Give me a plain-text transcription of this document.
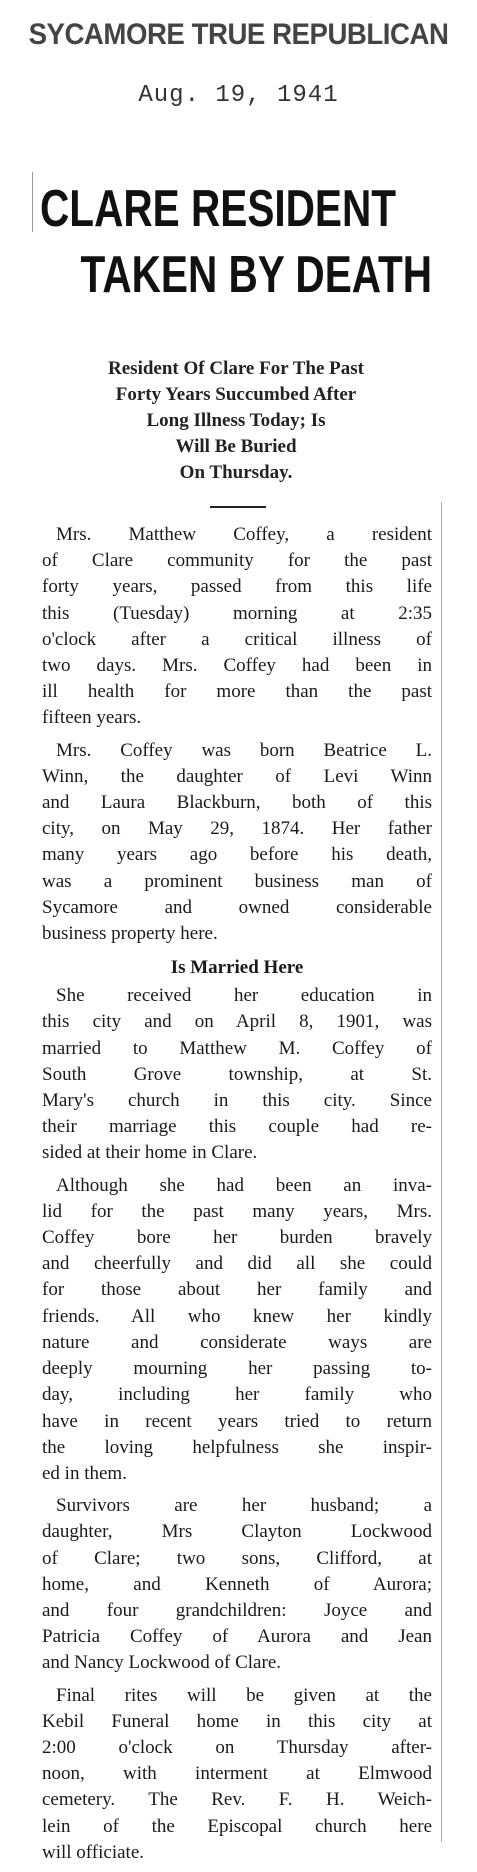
SYCAMORE TRUE REPUBLICAN
Aug. 19, 1941
CLARE RESIDENT
TAKEN BY DEATH
Resident Of Clare For The Past
Forty Years Succumbed After
Long Illness Today; Is
Will Be Buried
On Thursday.

Mrs. Matthew Coffey, a resident
of Clare community for the past
forty years, passed from this life
this (Tuesday) morning at 2:35
o'clock after a critical illness of
two days. Mrs. Coffey had been in
ill health for more than the past
fifteen years.

Mrs. Coffey was born Beatrice L.
Winn, the daughter of Levi Winn
and Laura Blackburn, both of this
city, on May 29, 1874. Her father
many years ago before his death,
was a prominent business man of
Sycamore and owned considerable
business property here.

Is Married Here

She received her education in
this city and on April 8, 1901, was
married to Matthew M. Coffey of
South Grove township, at St.
Mary's church in this city. Since
their marriage this couple had re-
sided at their home in Clare.

Although she had been an inva-
lid for the past many years, Mrs.
Coffey bore her burden bravely
and cheerfully and did all she could
for those about her family and
friends. All who knew her kindly
nature and considerate ways are
deeply mourning her passing to-
day, including her family who
have in recent years tried to return
the loving helpfulness she inspir-
ed in them.

Survivors are her husband; a
daughter, Mrs Clayton Lockwood
of Clare; two sons, Clifford, at
home, and Kenneth of Aurora;
and four grandchildren: Joyce and
Patricia Coffey of Aurora and Jean
and Nancy Lockwood of Clare.

Final rites will be given at the
Kebil Funeral home in this city at
2:00 o'clock on Thursday after-
noon, with interment at Elmwood
cemetery. The Rev. F. H. Weich-
lein of the Episcopal church here
will officiate.
